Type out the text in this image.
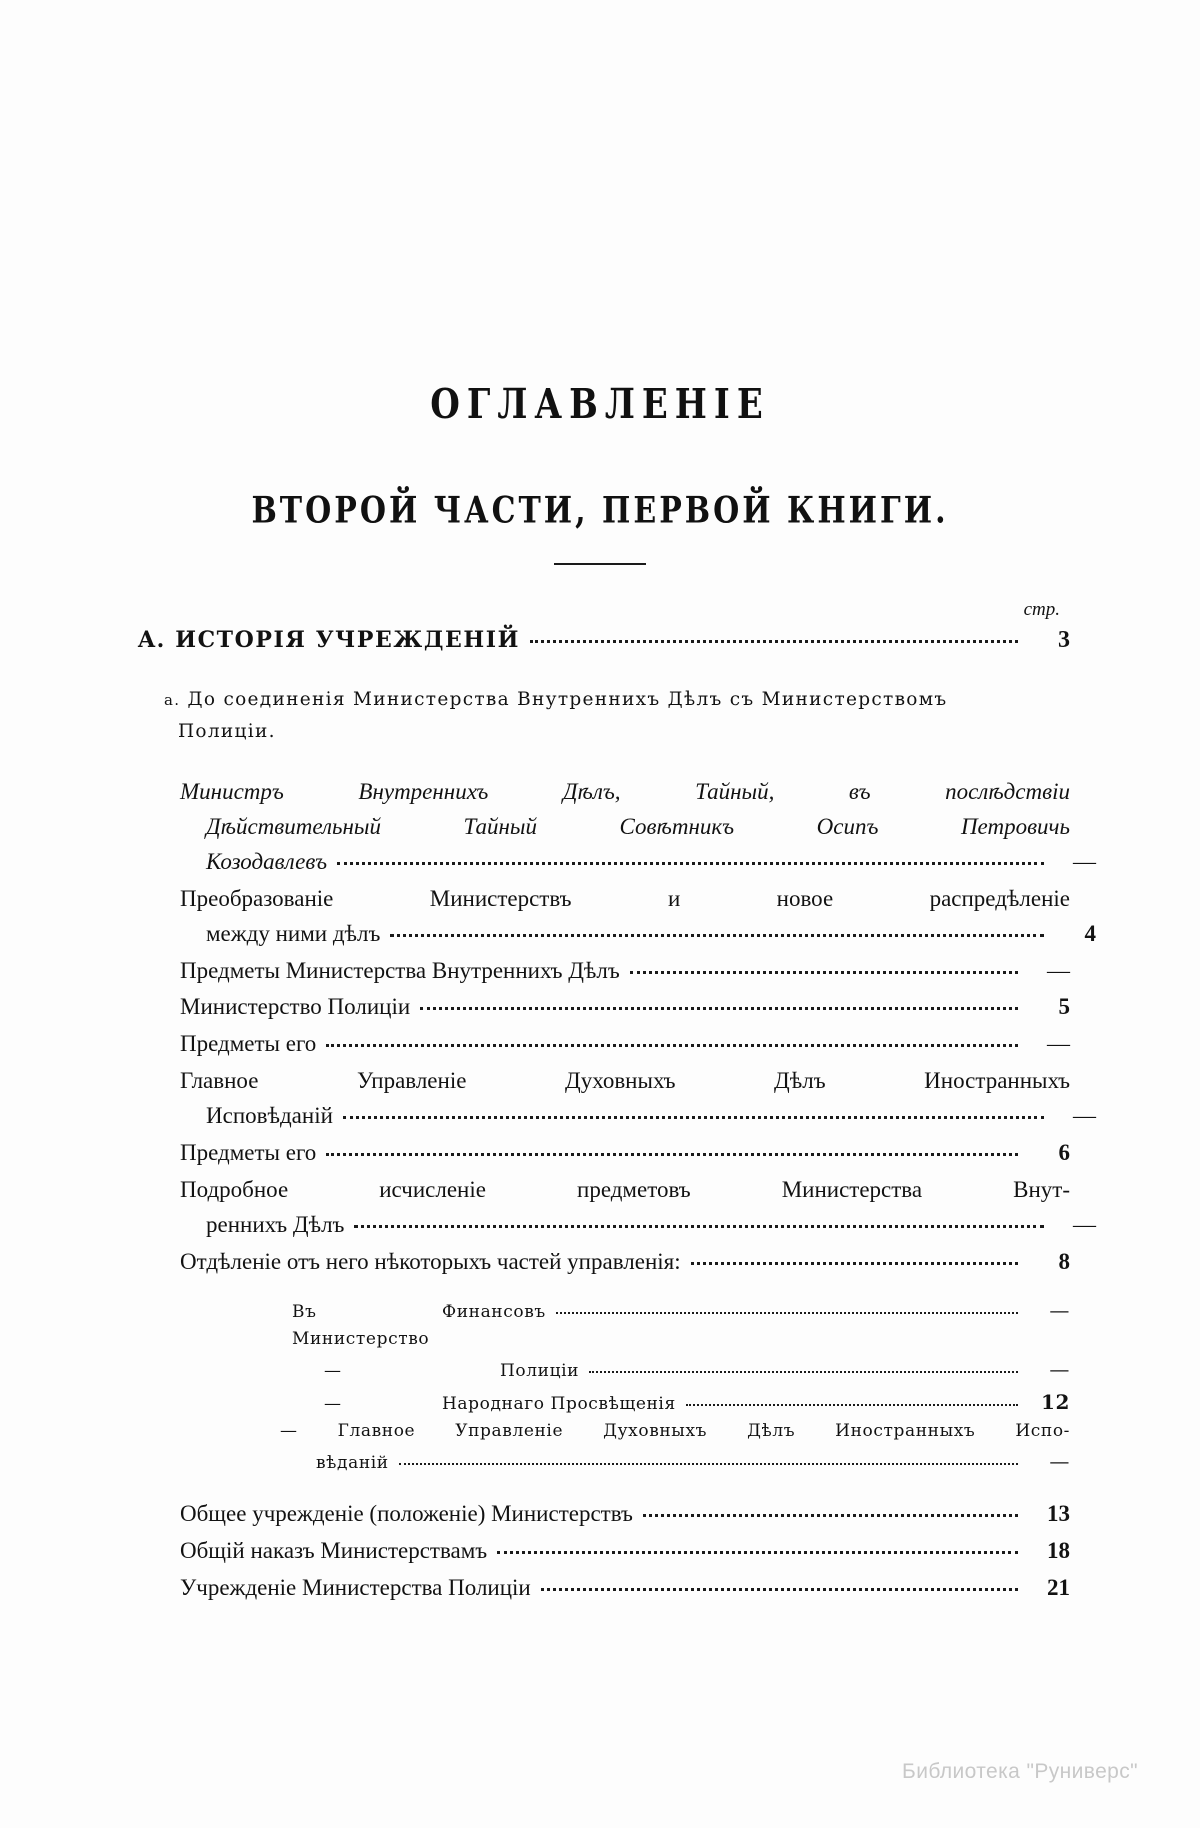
ОГЛАВЛЕНІЕ
ВТОРОЙ ЧАСТИ, ПЕРВОЙ КНИГИ.
стр.
A. ИСТОРІЯ УЧРЕЖДЕНІЙ	3
a. До соединенія Министерства Внутреннихъ Дѣлъ съ Министерствомъ Полиціи.
Министръ Внутреннихъ Дѣлъ, Тайный, въ послѣдствіи
Дѣйствительный Тайный Совѣтникъ Осипъ Петровичь
Козодавлевъ	—
Преобразованіе Министерствъ и новое распредѣленіе
между ними дѣлъ	4
Предметы Министерства Внутреннихъ Дѣлъ	—
Министерство Полиціи	5
Предметы его	—
Главное Управленіе Духовныхъ Дѣлъ Иностранныхъ
Исповѣданій	—
Предметы его	6
Подробное исчисленіе предметовъ Министерства Внут-
реннихъ Дѣлъ	—
Отдѣленіе отъ него нѣкоторыхъ частей управленія:	8
Въ Министерство
Финансовъ	—
—	Полиціи	—
—	Народнаго Просвѣщенія	12
— Главное Управленіе Духовныхъ Дѣлъ Иностранныхъ Испо-
вѣданій	—
Общее учрежденіе (положеніе) Министерствъ	13
Общій наказъ Министерствамъ	18
Учрежденіе Министерства Полиціи	21
Библиотека "Руниверс"
